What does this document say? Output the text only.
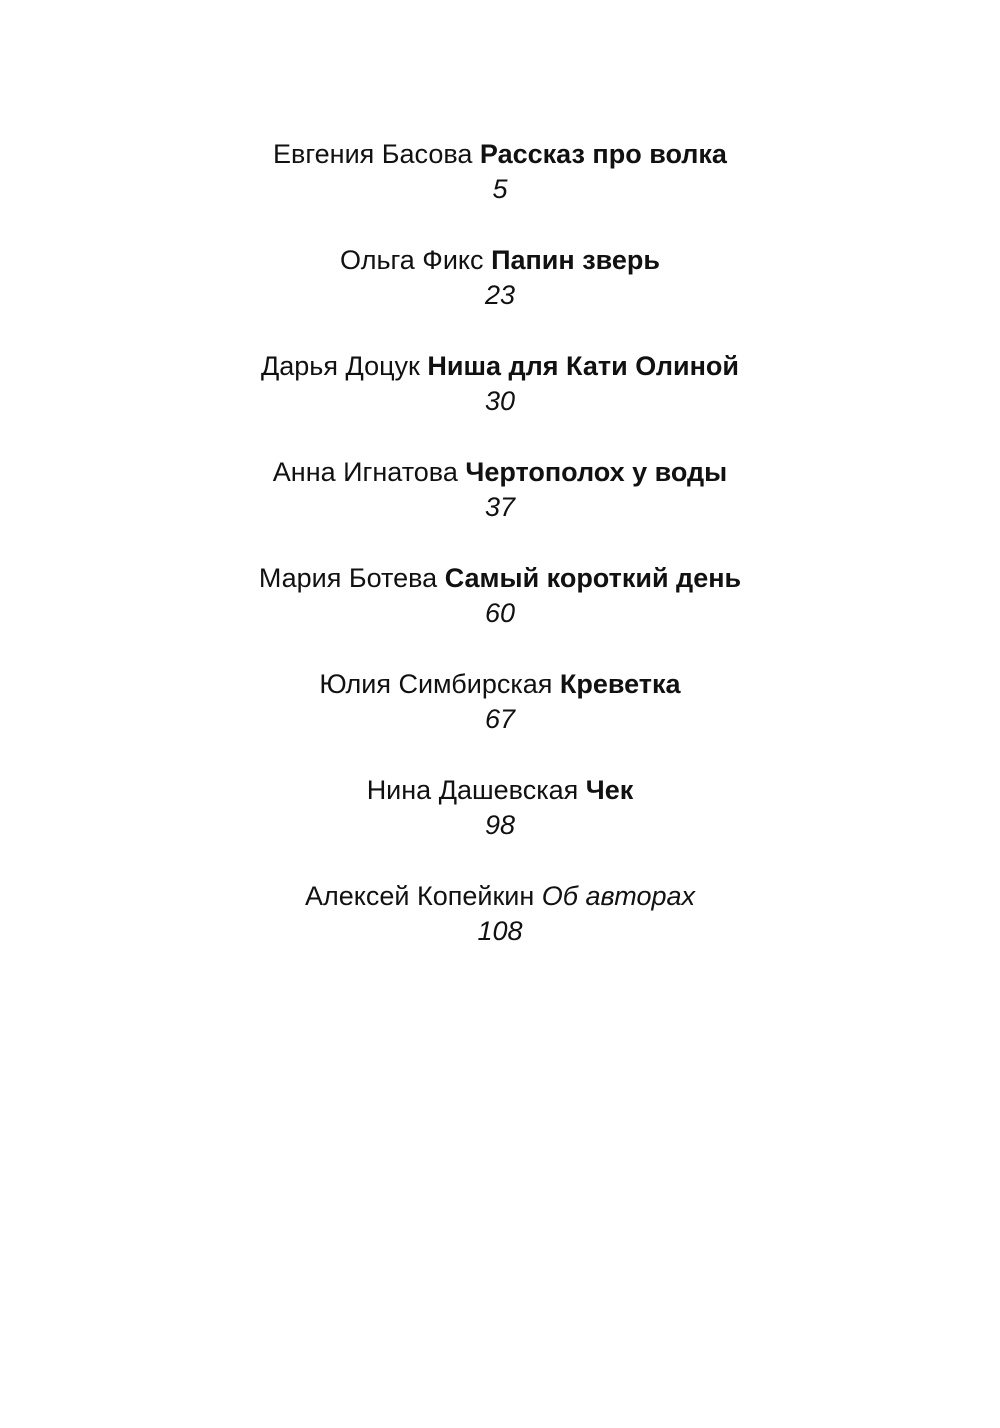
Евгения Басова Рассказ про волка
5
Ольга Фикс Папин зверь
23
Дарья Доцук Ниша для Кати Олиной
30
Анна Игнатова Чертополох у воды
37
Мария Ботева Самый короткий день
60
Юлия Симбирская Креветка
67
Нина Дашевская Чек
98
Алексей Копейкин Об авторах
108
